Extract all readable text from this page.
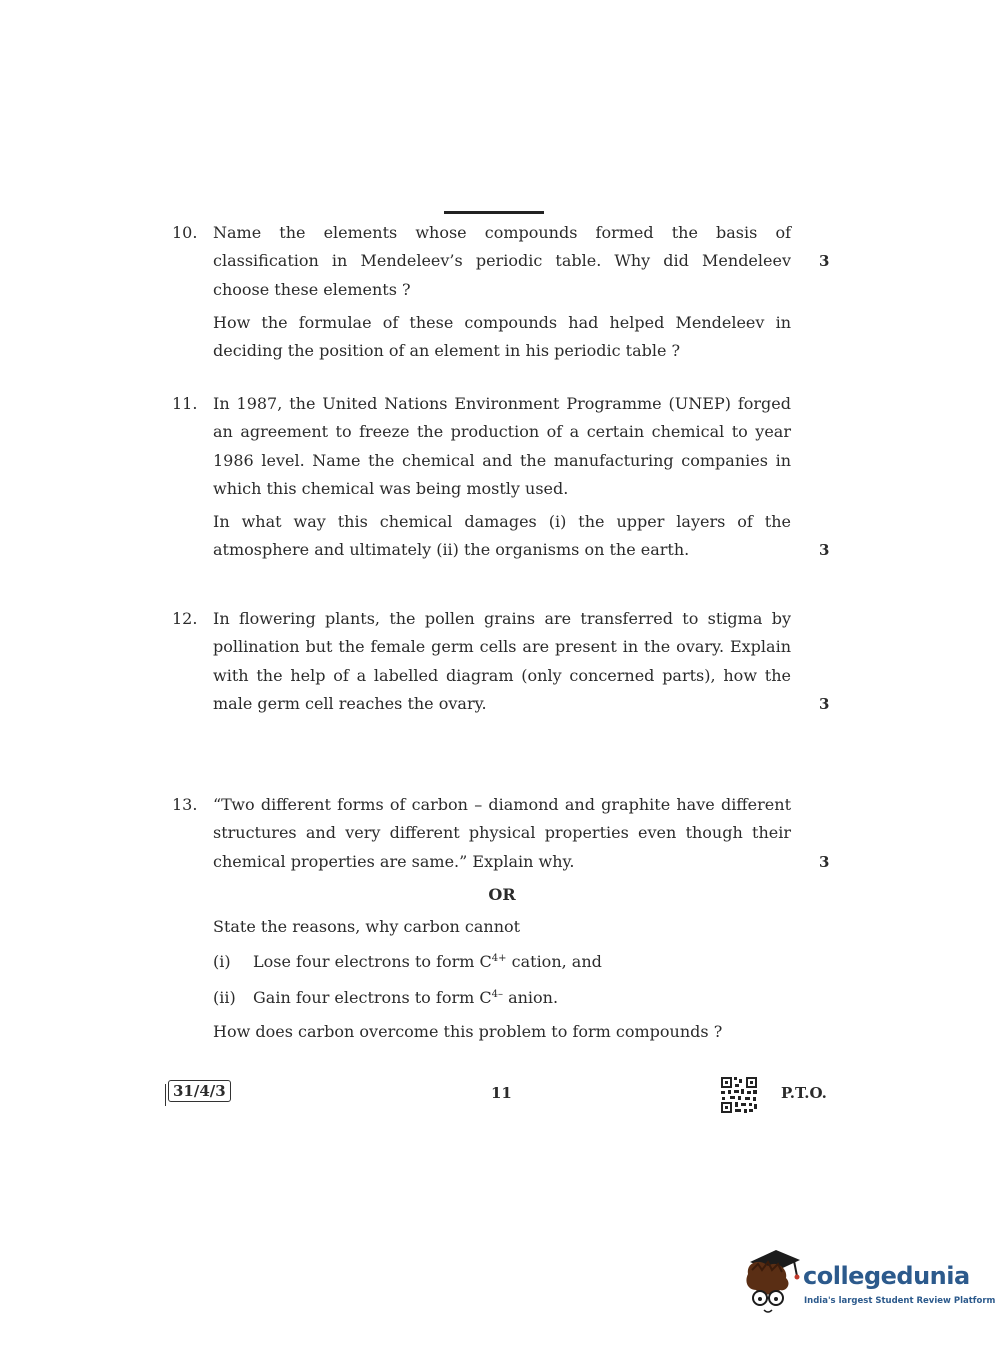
10. Name the elements whose compounds formed the basis of classification in Mendeleev’s periodic table. Why did Mendeleev choose these elements ?

How the formulae of these compounds had helped Mendeleev in deciding the position of an element in his periodic table ?

3
11. In 1987, the United Nations Environment Programme (UNEP) forged an agreement to freeze the production of a certain chemical to year 1986 level. Name the chemical and the manufacturing companies in which this chemical was being mostly used.

In what way this chemical damages (i) the upper layers of the atmosphere and ultimately (ii) the organisms on the earth.	3
12. In flowering plants, the pollen grains are transferred to stigma by pollination but the female germ cells are present in the ovary. Explain with the help of a labelled diagram (only concerned parts), how the male germ cell reaches the ovary.	3
13. “Two different forms of carbon – diamond and graphite have different structures and very different physical properties even though their chemical properties are same.” Explain why.

OR
State the reasons, why carbon cannot
(i) Lose four electrons to form $C^{4+}$ cation, and
(ii) Gain four electrons to form $C^{4-}$ anion.
How does carbon overcome this problem to form compounds ?
3
31/4/3	11	P.T.O.
collegedunia
India's largest Student Review Platform
